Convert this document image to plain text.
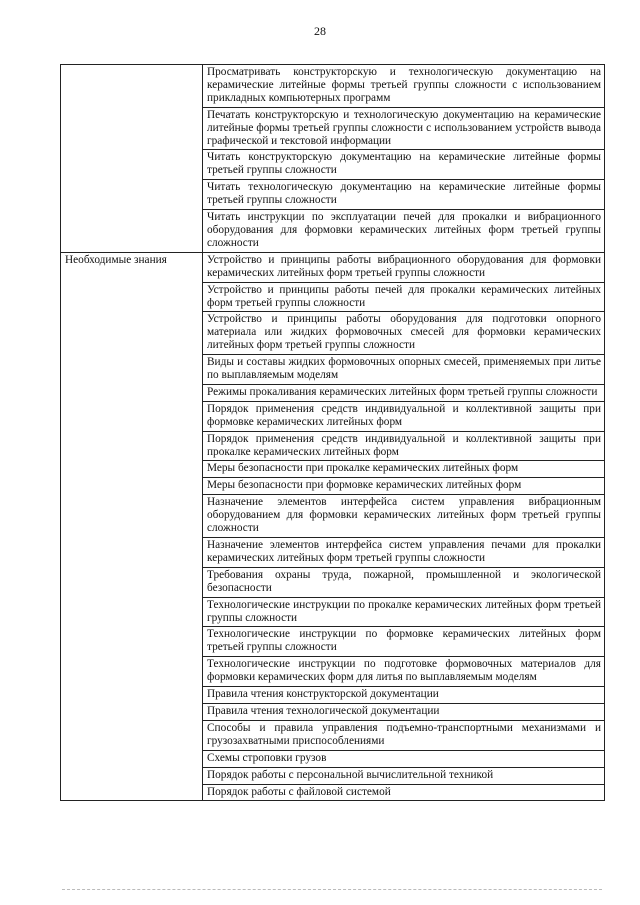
28
	Просматривать конструкторскую и технологическую документацию на керамические литейные формы третьей группы сложности с использованием прикладных компьютерных программ
	Печатать конструкторскую и технологическую документацию на керамические литейные формы третьей группы сложности с использованием устройств вывода графической и текстовой информации
	Читать конструкторскую документацию на керамические литейные формы третьей группы сложности
	Читать технологическую документацию на керамические литейные формы третьей группы сложности
	Читать инструкции по эксплуатации печей для прокалки и вибрационного оборудования для формовки керамических литейных форм третьей группы сложности
Необходимые знания	Устройство и принципы работы вибрационного оборудования для формовки керамических литейных форм третьей группы сложности
	Устройство и принципы работы печей для прокалки керамических литейных форм третьей группы сложности
	Устройство и принципы работы оборудования для подготовки опорного материала или жидких формовочных смесей для формовки керамических литейных форм третьей группы сложности
	Виды и составы жидких формовочных опорных смесей, применяемых при литье по выплавляемым моделям
	Режимы прокаливания керамических литейных форм третьей группы сложности
	Порядок применения средств индивидуальной и коллективной защиты при формовке керамических литейных форм
	Порядок применения средств индивидуальной и коллективной защиты при прокалке керамических литейных форм
	Меры безопасности при прокалке керамических литейных форм
	Меры безопасности при формовке керамических литейных форм
	Назначение элементов интерфейса систем управления вибрационным оборудованием для формовки керамических литейных форм третьей группы сложности
	Назначение элементов интерфейса систем управления печами для прокалки керамических литейных форм третьей группы сложности
	Требования охраны труда, пожарной, промышленной и экологической безопасности
	Технологические инструкции по прокалке керамических литейных форм третьей группы сложности
	Технологические инструкции по формовке керамических литейных форм третьей группы сложности
	Технологические инструкции по подготовке формовочных материалов для формовки керамических форм для литья по выплавляемым моделям
	Правила чтения конструкторской документации
	Правила чтения технологической документации
	Способы и правила управления подъемно-транспортными механизмами и грузозахватными приспособлениями
	Схемы строповки грузов
	Порядок работы с персональной вычислительной техникой
	Порядок работы с файловой системой
